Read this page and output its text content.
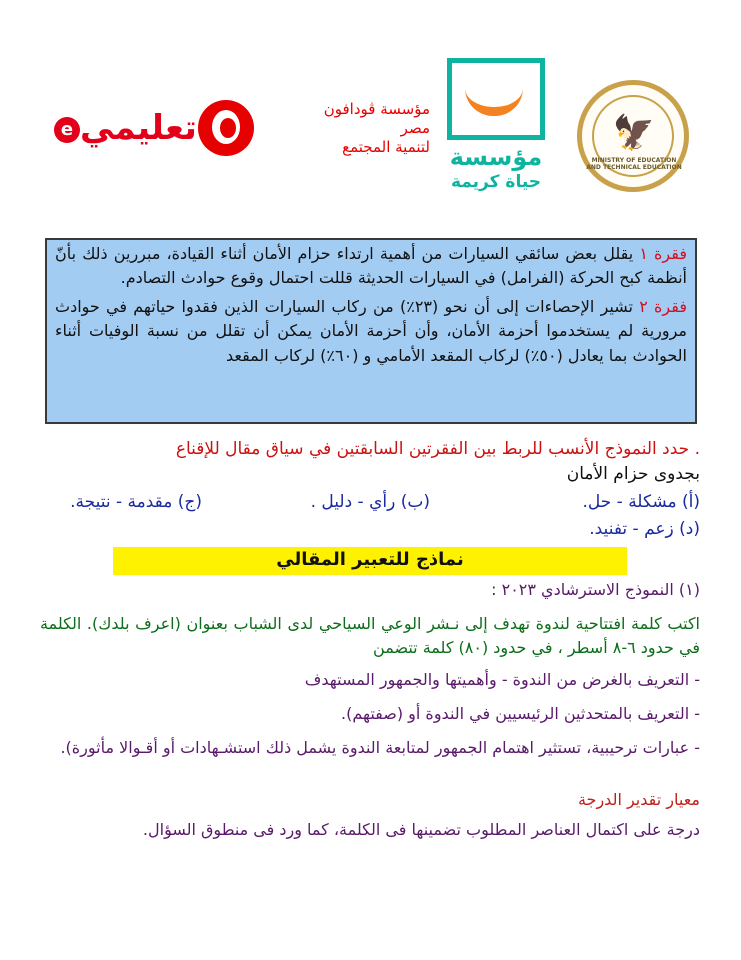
تعليميe
مؤسسة ڤودافون
مصر
لتنمية المجتمع مؤسسة
حياة كريمة
🦅
MINISTRY OF EDUCATION AND TECHNICAL EDUCATION

فقرة ١ يقلل بعض سائقي السيارات من أهمية ارتداء حزام الأمان أثناء القيادة، مبررين ذلك بأنّ أنظمة كبح الحركة (الفرامل) في السيارات الحديثة قللت احتمال وقوع حوادث التصادم.

فقرة ٢ تشير الإحصاءات إلى أن نحو (٢٣٪) من ركاب السيارات الذين فقدوا حياتهم في حوادث مرورية لم يستخدموا أحزمة الأمان، وأن أحزمة الأمان يمكن أن تقلل من نسبة الوفيات أثناء الحوادث بما يعادل (٥٠٪) لركاب المقعد الأمامي و (٦٠٪) لركاب المقعد

. حدد النموذج الأنسب للربط بين الفقرتين السابقتين في سياق مقال للإقناع
بجدوى حزام الأمان
(أ) مشكلة - حل.
(ب) رأي - دليل .
(ج) مقدمة - نتيجة.
(د) زعم - تفنيد.
نماذج للتعبير المقالي
(١) النموذج الاسترشادي ٢٠٢٣ :
اكتب كلمة افتتاحية لندوة تهدف إلى نـشر الوعي السياحي لدى الشباب بعنوان (اعرف بلدك). الكلمة في حدود ٦-٨ أسطر ، في حدود (٨٠) كلمة تتضمن

- التعريف بالغرض من الندوة - وأهميتها والجمهور المستهدف

- التعريف بالمتحدثين الرئيسيين في الندوة أو (صفتهم).

- عبارات ترحيبية، تستثير اهتمام الجمهور لمتابعة الندوة يشمل ذلك استشـهادات أو أقـوالا مأثورة).

معيار تقدير الدرجة
درجة على اكتمال العناصر المطلوب تضمينها فى الكلمة، كما ورد فى منطوق السؤال.
